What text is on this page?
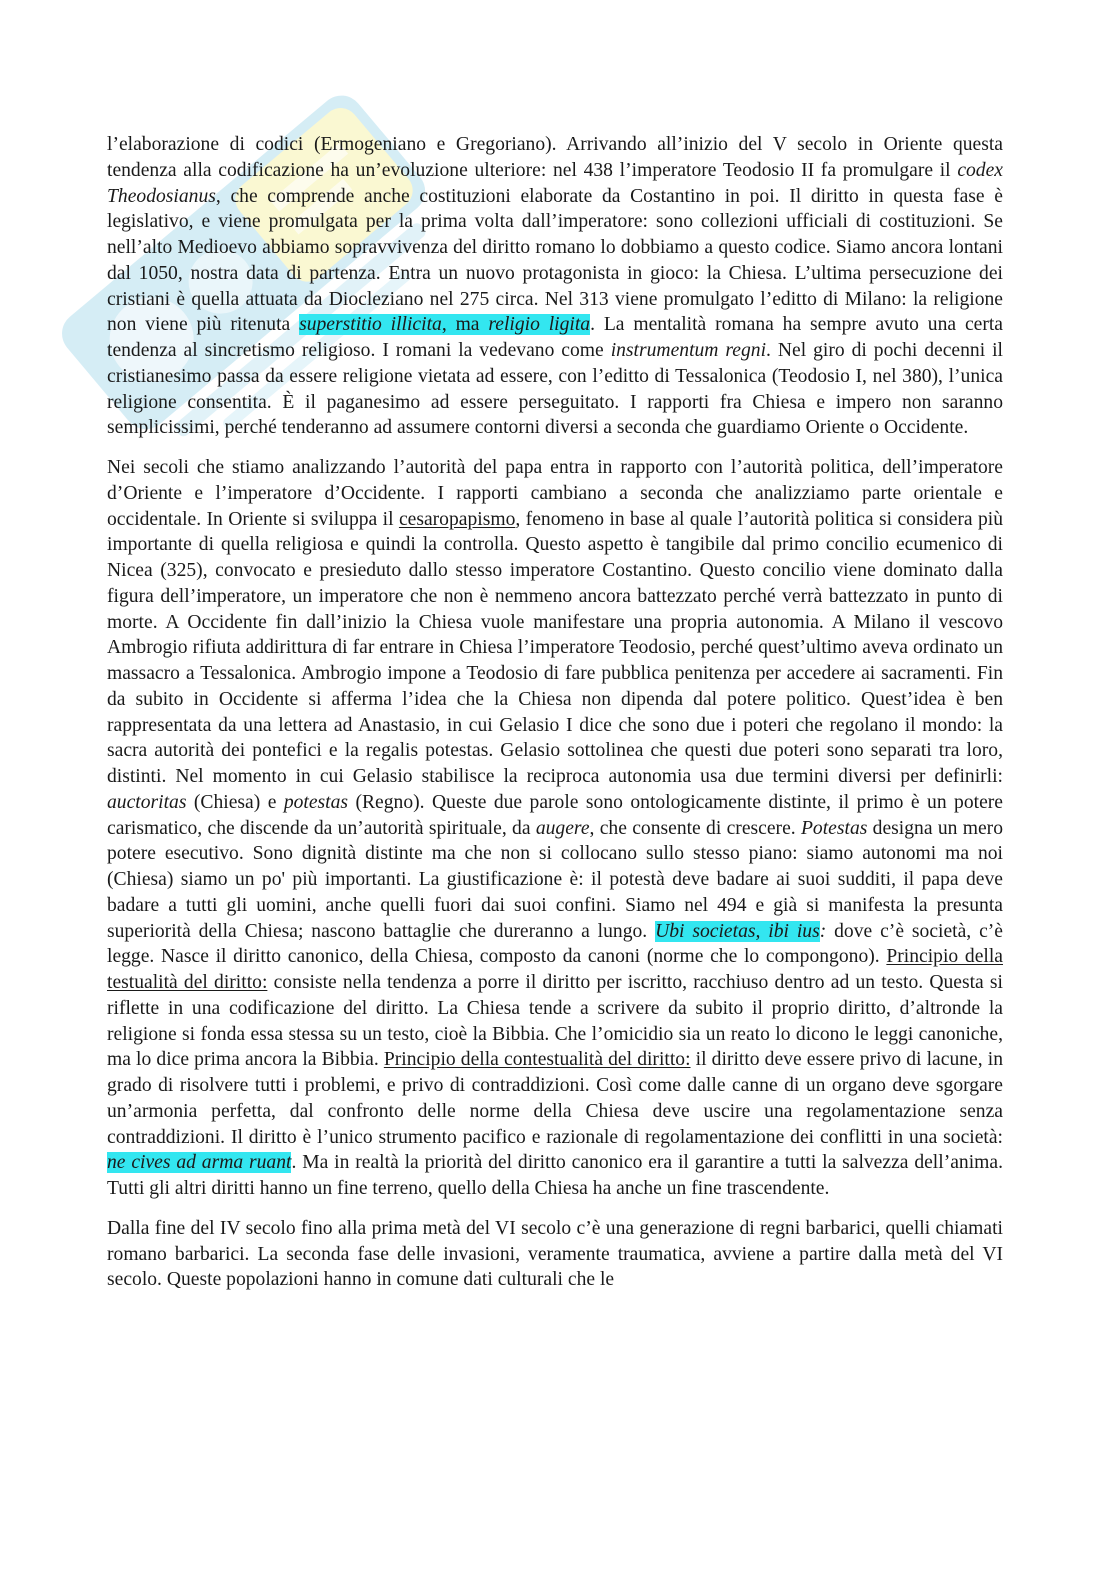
l’elaborazione di codici (Ermogeniano e Gregoriano). Arrivando all’inizio del V secolo in Oriente questa tendenza alla codificazione ha un’evoluzione ulteriore: nel 438 l’imperatore Teodosio II fa promulgare il codex Theodosianus, che comprende anche costituzioni elaborate da Costantino in poi. Il diritto in questa fase è legislativo, e viene promulgata per la prima volta dall’imperatore: sono collezioni ufficiali di costituzioni. Se nell’alto Medioevo abbiamo sopravvivenza del diritto romano lo dobbiamo a questo codice. Siamo ancora lontani dal 1050, nostra data di partenza. Entra un nuovo protagonista in gioco: la Chiesa. L’ultima persecuzione dei cristiani è quella attuata da Diocleziano nel 275 circa. Nel 313 viene promulgato l’editto di Milano: la religione non viene più ritenuta superstitio illicita, ma religio ligita. La mentalità romana ha sempre avuto una certa tendenza al sincretismo religioso. I romani la vedevano come instrumentum regni. Nel giro di pochi decenni il cristianesimo passa da essere religione vietata ad essere, con l’editto di Tessalonica (Teodosio I, nel 380), l’unica religione consentita. È il paganesimo ad essere perseguitato. I rapporti fra Chiesa e impero non saranno semplicissimi, perché tenderanno ad assumere contorni diversi a seconda che guardiamo Oriente o Occidente.

Nei secoli che stiamo analizzando l’autorità del papa entra in rapporto con l’autorità politica, dell’imperatore d’Oriente e l’imperatore d’Occidente. I rapporti cambiano a seconda che analizziamo parte orientale e occidentale. In Oriente si sviluppa il cesaropapismo, fenomeno in base al quale l’autorità politica si considera più importante di quella religiosa e quindi la controlla. Questo aspetto è tangibile dal primo concilio ecumenico di Nicea (325), convocato e presieduto dallo stesso imperatore Costantino. Questo concilio viene dominato dalla figura dell’imperatore, un imperatore che non è nemmeno ancora battezzato perché verrà battezzato in punto di morte. A Occidente fin dall’inizio la Chiesa vuole manifestare una propria autonomia. A Milano il vescovo Ambrogio rifiuta addirittura di far entrare in Chiesa l’imperatore Teodosio, perché quest’ultimo aveva ordinato un massacro a Tessalonica. Ambrogio impone a Teodosio di fare pubblica penitenza per accedere ai sacramenti. Fin da subito in Occidente si afferma l’idea che la Chiesa non dipenda dal potere politico. Quest’idea è ben rappresentata da una lettera ad Anastasio, in cui Gelasio I dice che sono due i poteri che regolano il mondo: la sacra autorità dei pontefici e la regalis potestas. Gelasio sottolinea che questi due poteri sono separati tra loro, distinti. Nel momento in cui Gelasio stabilisce la reciproca autonomia usa due termini diversi per definirli: auctoritas (Chiesa) e potestas (Regno). Queste due parole sono ontologicamente distinte, il primo è un potere carismatico, che discende da un’autorità spirituale, da augere, che consente di crescere. Potestas designa un mero potere esecutivo. Sono dignità distinte ma che non si collocano sullo stesso piano: siamo autonomi ma noi (Chiesa) siamo un po' più importanti. La giustificazione è: il potestà deve badare ai suoi sudditi, il papa deve badare a tutti gli uomini, anche quelli fuori dai suoi confini. Siamo nel 494 e già si manifesta la presunta superiorità della Chiesa; nascono battaglie che dureranno a lungo. Ubi societas, ibi ius: dove c’è società, c’è legge. Nasce il diritto canonico, della Chiesa, composto da canoni (norme che lo compongono). Principio della testualità del diritto: consiste nella tendenza a porre il diritto per iscritto, racchiuso dentro ad un testo. Questa si riflette in una codificazione del diritto. La Chiesa tende a scrivere da subito il proprio diritto, d’altronde la religione si fonda essa stessa su un testo, cioè la Bibbia. Che l’omicidio sia un reato lo dicono le leggi canoniche, ma lo dice prima ancora la Bibbia. Principio della contestualità del diritto: il diritto deve essere privo di lacune, in grado di risolvere tutti i problemi, e privo di contraddizioni. Così come dalle canne di un organo deve sgorgare un’armonia perfetta, dal confronto delle norme della Chiesa deve uscire una regolamentazione senza contraddizioni. Il diritto è l’unico strumento pacifico e razionale di regolamentazione dei conflitti in una società: ne cives ad arma ruant. Ma in realtà la priorità del diritto canonico era il garantire a tutti la salvezza dell’anima. Tutti gli altri diritti hanno un fine terreno, quello della Chiesa ha anche un fine trascendente.

Dalla fine del IV secolo fino alla prima metà del VI secolo c’è una generazione di regni barbarici, quelli chiamati romano barbarici. La seconda fase delle invasioni, veramente traumatica, avviene a partire dalla metà del VI secolo. Queste popolazioni hanno in comune dati culturali che le
